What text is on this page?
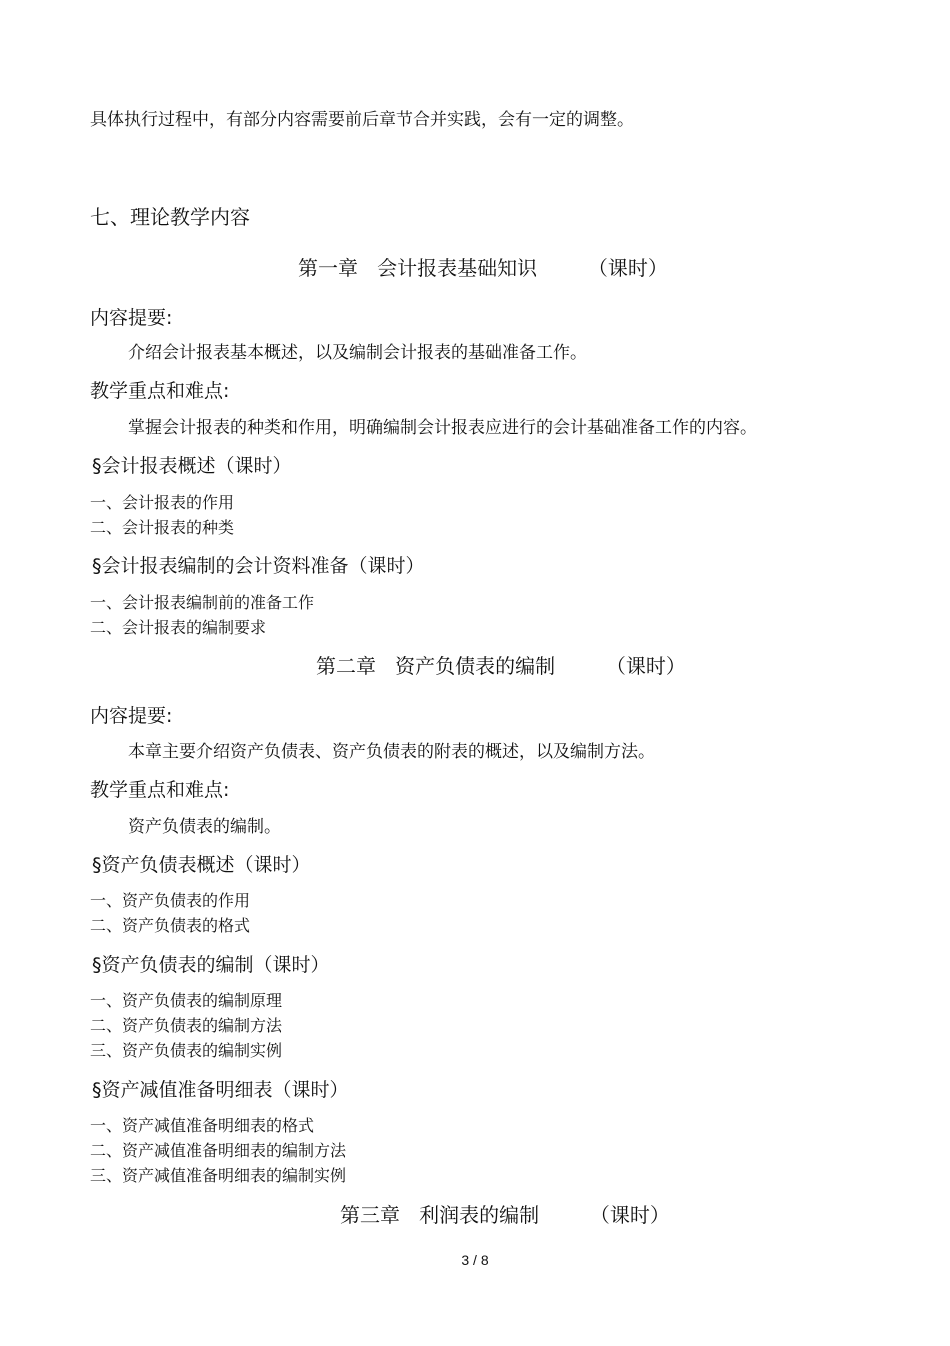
具体执行过程中，有部分内容需要前后章节合并实践，会有一定的调整。
七、理论教学内容
第一章   会计报表基础知识        （课时）
内容提要:
介绍会计报表基本概述，以及编制会计报表的基础准备工作。
教学重点和难点:
掌握会计报表的种类和作用，明确编制会计报表应进行的会计基础准备工作的内容。
§会计报表概述（课时）
一、会计报表的作用
二、会计报表的种类
§会计报表编制的会计资料准备（课时）
一、会计报表编制前的准备工作
二、会计报表的编制要求
第二章   资产负债表的编制        （课时）
内容提要:
本章主要介绍资产负债表、资产负债表的附表的概述，以及编制方法。
教学重点和难点:
资产负债表的编制。
§资产负债表概述（课时）
一、资产负债表的作用
二、资产负债表的格式
§资产负债表的编制（课时）
一、资产负债表的编制原理
二、资产负债表的编制方法
三、资产负债表的编制实例
§资产减值准备明细表（课时）
一、资产减值准备明细表的格式
二、资产减值准备明细表的编制方法
三、资产减值准备明细表的编制实例
第三章   利润表的编制        （课时）
3 / 8
